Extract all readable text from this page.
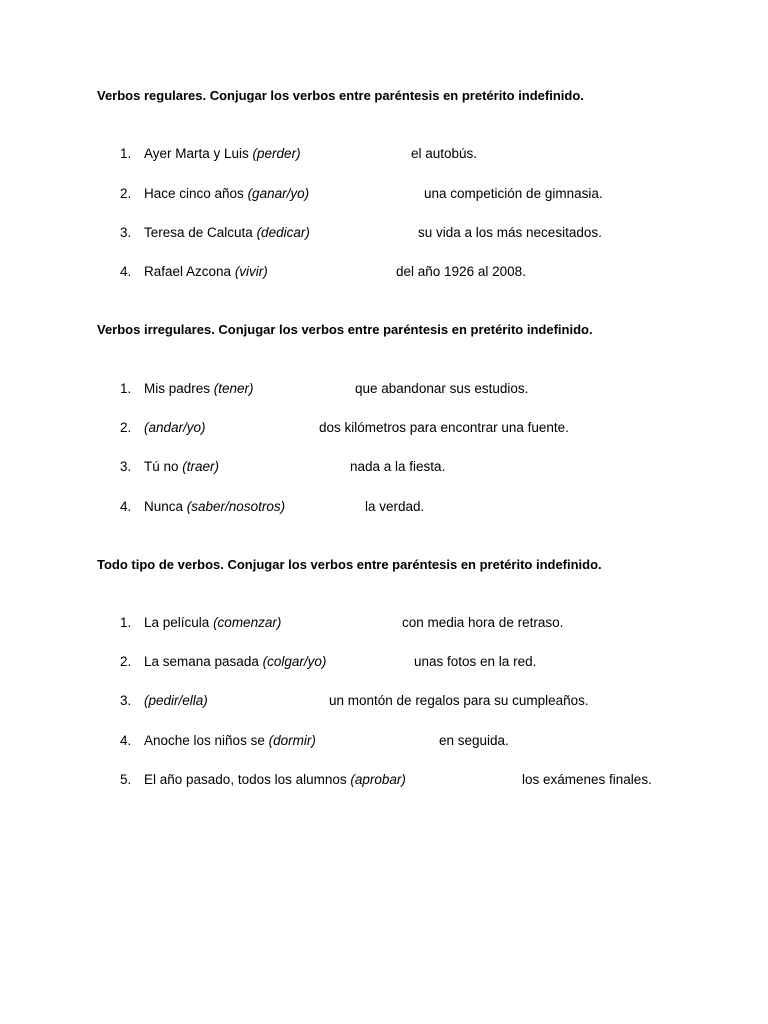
Verbos regulares. Conjugar los verbos entre paréntesis en pretérito indefinido.
1. Ayer Marta y Luis (perder)	el autobús.
2. Hace cinco años (ganar/yo)	una competición de gimnasia.
3. Teresa de Calcuta (dedicar)	su vida a los más necesitados.
4. Rafael Azcona (vivir)	del año 1926 al 2008.
Verbos irregulares. Conjugar los verbos entre paréntesis en pretérito indefinido.
1. Mis padres (tener)	que abandonar sus estudios.
2. (andar/yo)	dos kilómetros para encontrar una fuente.
3. Tú no (traer)	nada a la fiesta.
4. Nunca (saber/nosotros)	la verdad.
Todo tipo de verbos. Conjugar los verbos entre paréntesis en pretérito indefinido.
1. La película (comenzar)	con media hora de retraso.
2. La semana pasada (colgar/yo)	unas fotos en la red.
3. (pedir/ella)	un montón de regalos para su cumpleaños.
4. Anoche los niños se (dormir)	en seguida.
5. El año pasado, todos los alumnos (aprobar)	los exámenes finales.
